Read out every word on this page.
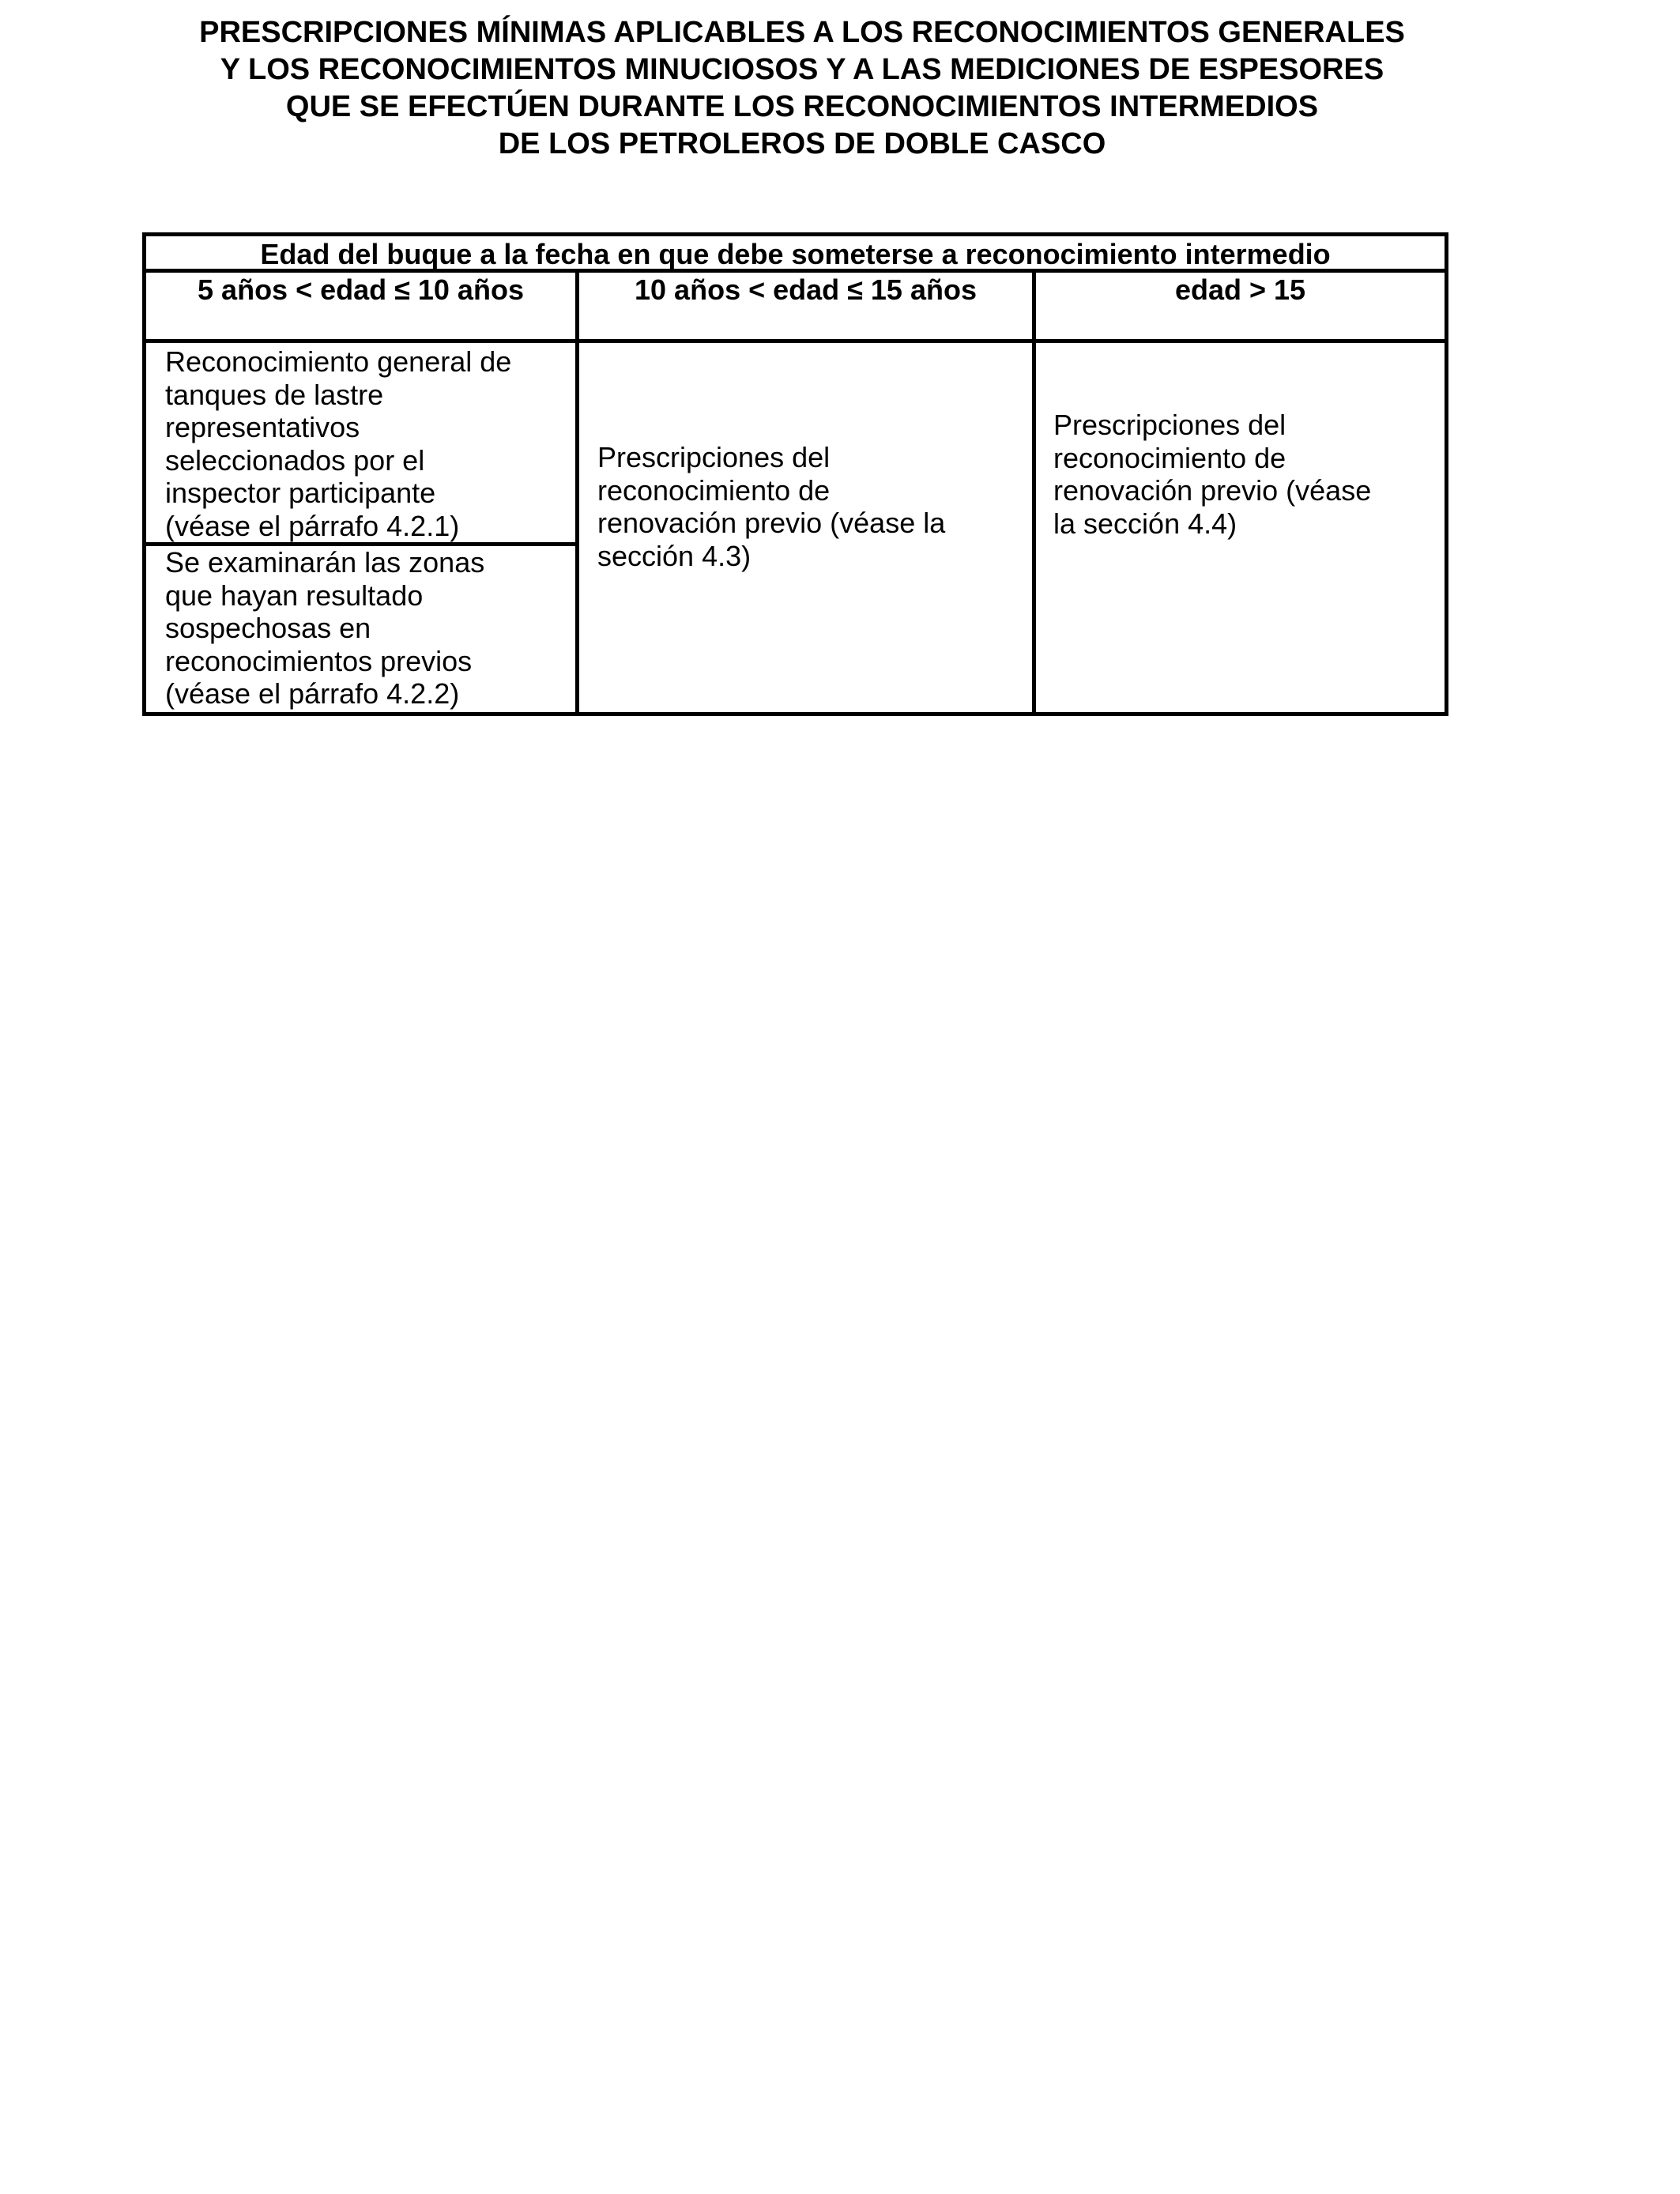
PRESCRIPCIONES MÍNIMAS APLICABLES A LOS RECONOCIMIENTOS GENERALES
Y LOS RECONOCIMIENTOS MINUCIOSOS Y A LAS MEDICIONES DE ESPESORES
QUE SE EFECTÚEN DURANTE LOS RECONOCIMIENTOS INTERMEDIOS
DE LOS PETROLEROS DE DOBLE CASCO
Edad del buque a la fecha en que debe someterse a reconocimiento intermedio
5 años < edad ≤ 10 años	10 años < edad ≤ 15 años	edad > 15
Reconocimiento general de
tanques de lastre
representativos
seleccionados por el
inspector participante
(véase el párrafo 4.2.1)
Se examinarán las zonas
que hayan resultado
sospechosas en
reconocimientos previos
(véase el párrafo 4.2.2)
Prescripciones del
reconocimiento de
renovación previo (véase la
sección 4.3)
Prescripciones del
reconocimiento de
renovación previo (véase
la sección 4.4)
